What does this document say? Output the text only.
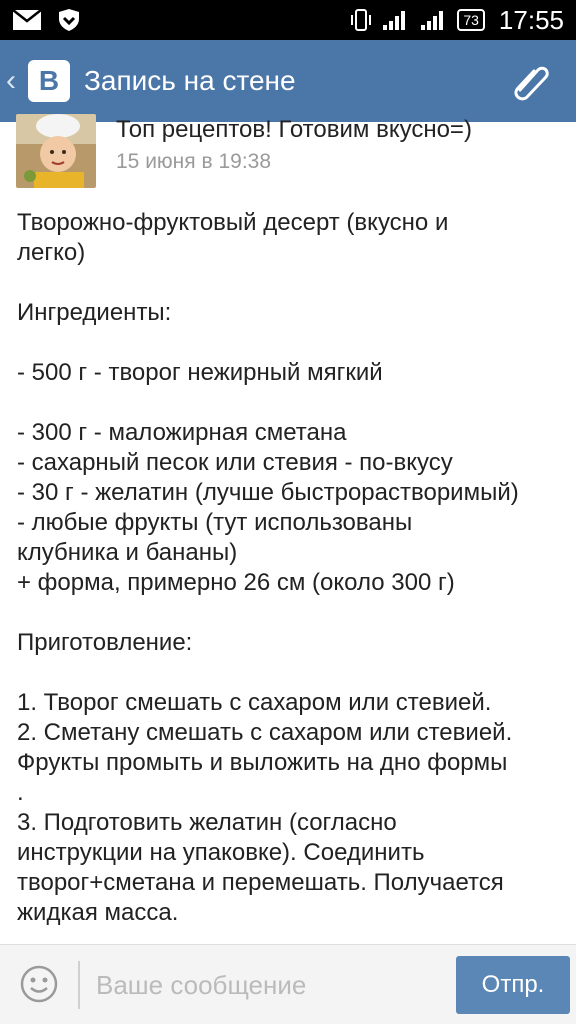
73 17:55
‹ В Запись на стене
Топ рецептов! Готовим вкусно=)
15 июня в 19:38

Творожно-фруктовый десерт (вкусно и

легко)

Ингредиенты:

- 500 г - творог нежирный мягкий

- 300 г - маложирная сметана

- сахарный песок или стевия - по-вкусу

- 30 г - желатин (лучше быстрорастворимый)

- любые фрукты (тут использованы

клубника и бананы)

+ форма, примерно 26 см (около 300 г)

Приготовление:

1. Творог смешать с сахаром или стевией.

2. Сметану смешать с сахаром или стевией.

Фрукты промыть и выложить на дно формы

.

3. Подготовить желатин (согласно

инструкции на упаковке). Соединить

творог+сметана и перемешать. Получается

жидкая масса.

Ваше сообщение
Отпр.
